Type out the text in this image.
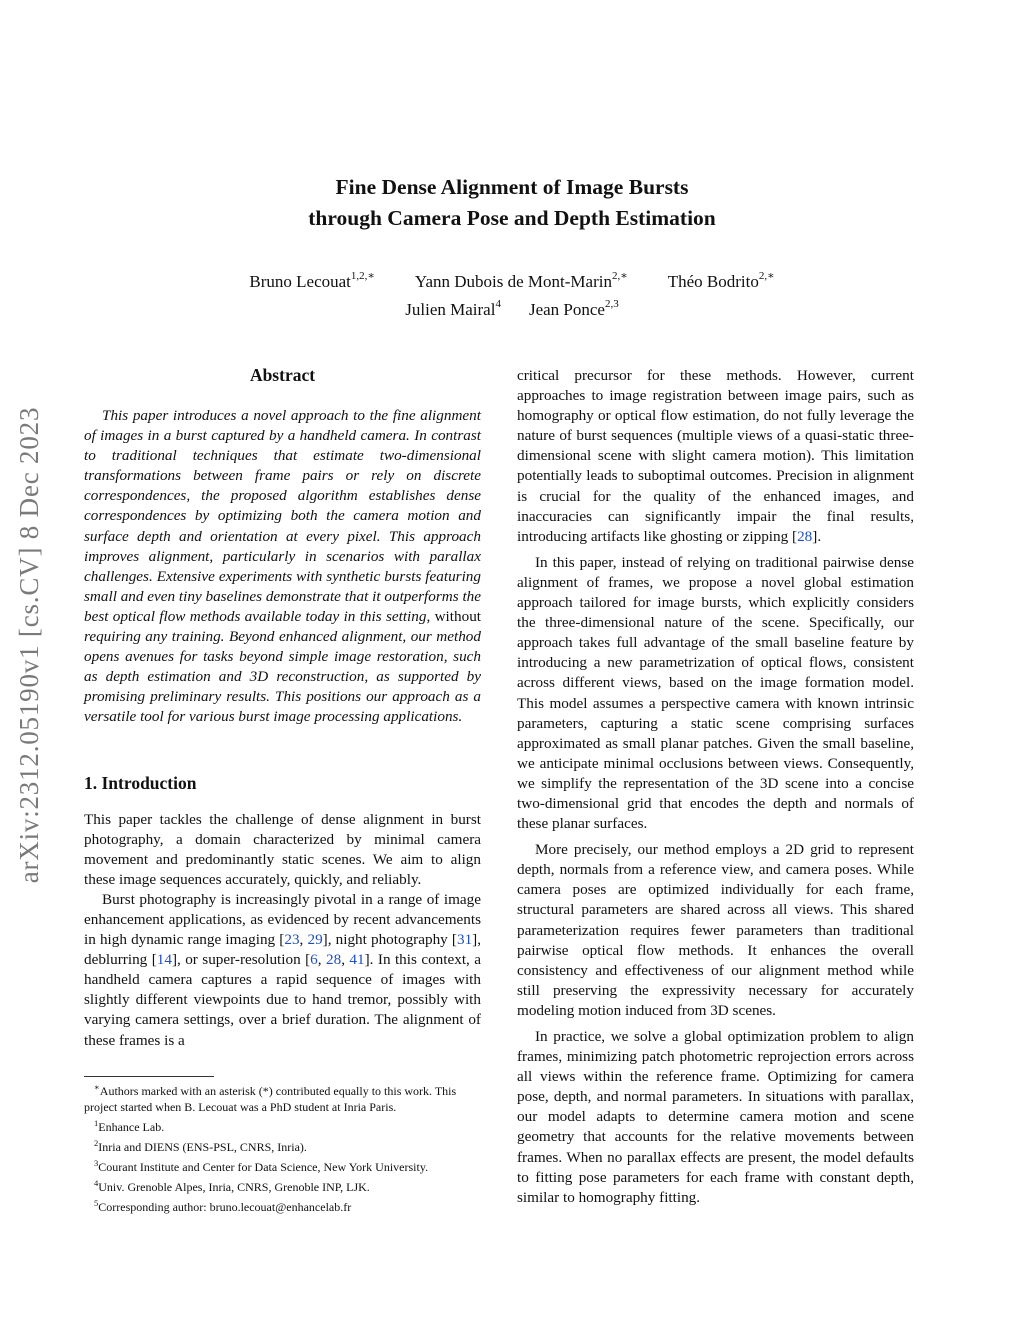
Fine Dense Alignment of Image Bursts
through Camera Pose and Depth Estimation
Bruno Lecouat$^{1,2,∗}$ Yann Dubois de Mont-Marin$^{2,∗}$ Théo Bodrito$^{2,∗}$
Julien Mairal$^4$ Jean Ponce$^{2,3}$
arXiv:2312.05190v1 [cs.CV] 8 Dec 2023
Abstract

This paper introduces a novel approach to the fine alignment of images in a burst captured by a handheld camera. In contrast to traditional techniques that estimate two-dimensional transformations between frame pairs or rely on discrete correspondences, the proposed algorithm establishes dense correspondences by optimizing both the camera motion and surface depth and orientation at every pixel. This approach improves alignment, particularly in scenarios with parallax challenges. Extensive experiments with synthetic bursts featuring small and even tiny baselines demonstrate that it outperforms the best optical flow methods available today in this setting, without requiring any training. Beyond enhanced alignment, our method opens avenues for tasks beyond simple image restoration, such as depth estimation and 3D reconstruction, as supported by promising preliminary results. This positions our approach as a versatile tool for various burst image processing applications.

1. Introduction

This paper tackles the challenge of dense alignment in burst photography, a domain characterized by minimal camera movement and predominantly static scenes. We aim to align these image sequences accurately, quickly, and reliably.

Burst photography is increasingly pivotal in a range of image enhancement applications, as evidenced by recent advancements in high dynamic range imaging [23, 29], night photography [31], deblurring [14], or super-resolution [6, 28, 41]. In this context, a handheld camera captures a rapid sequence of images with slightly different viewpoints due to hand tremor, possibly with varying camera settings, over a brief duration. The alignment of these frames is a

∗Authors marked with an asterisk (*) contributed equally to this work. This project started when B. Lecouat was a PhD student at Inria Paris.
$^1$Enhance Lab.
$^2$Inria and DIENS (ENS-PSL, CNRS, Inria).
$^3$Courant Institute and Center for Data Science, New York University.
$^4$Univ. Grenoble Alpes, Inria, CNRS, Grenoble INP, LJK.
$^5$Corresponding author: bruno.lecouat@enhancelab.fr

critical precursor for these methods. However, current approaches to image registration between image pairs, such as homography or optical flow estimation, do not fully leverage the nature of burst sequences (multiple views of a quasi-static three-dimensional scene with slight camera motion). This limitation potentially leads to suboptimal outcomes. Precision in alignment is crucial for the quality of the enhanced images, and inaccuracies can significantly impair the final results, introducing artifacts like ghosting or zipping [28].

In this paper, instead of relying on traditional pairwise dense alignment of frames, we propose a novel global estimation approach tailored for image bursts, which explicitly considers the three-dimensional nature of the scene. Specifically, our approach takes full advantage of the small baseline feature by introducing a new parametrization of optical flows, consistent across different views, based on the image formation model. This model assumes a perspective camera with known intrinsic parameters, capturing a static scene comprising surfaces approximated as small planar patches. Given the small baseline, we anticipate minimal occlusions between views. Consequently, we simplify the representation of the 3D scene into a concise two-dimensional grid that encodes the depth and normals of these planar surfaces.

More precisely, our method employs a 2D grid to represent depth, normals from a reference view, and camera poses. While camera poses are optimized individually for each frame, structural parameters are shared across all views. This shared parameterization requires fewer parameters than traditional pairwise optical flow methods. It enhances the overall consistency and effectiveness of our alignment method while still preserving the expressivity necessary for accurately modeling motion induced from 3D scenes.

In practice, we solve a global optimization problem to align frames, minimizing patch photometric reprojection errors across all views within the reference frame. Optimizing for camera pose, depth, and normal parameters. In situations with parallax, our model adapts to determine camera motion and scene geometry that accounts for the relative movements between frames. When no parallax effects are present, the model defaults to fitting pose parameters for each frame with constant depth, similar to homography fitting.
